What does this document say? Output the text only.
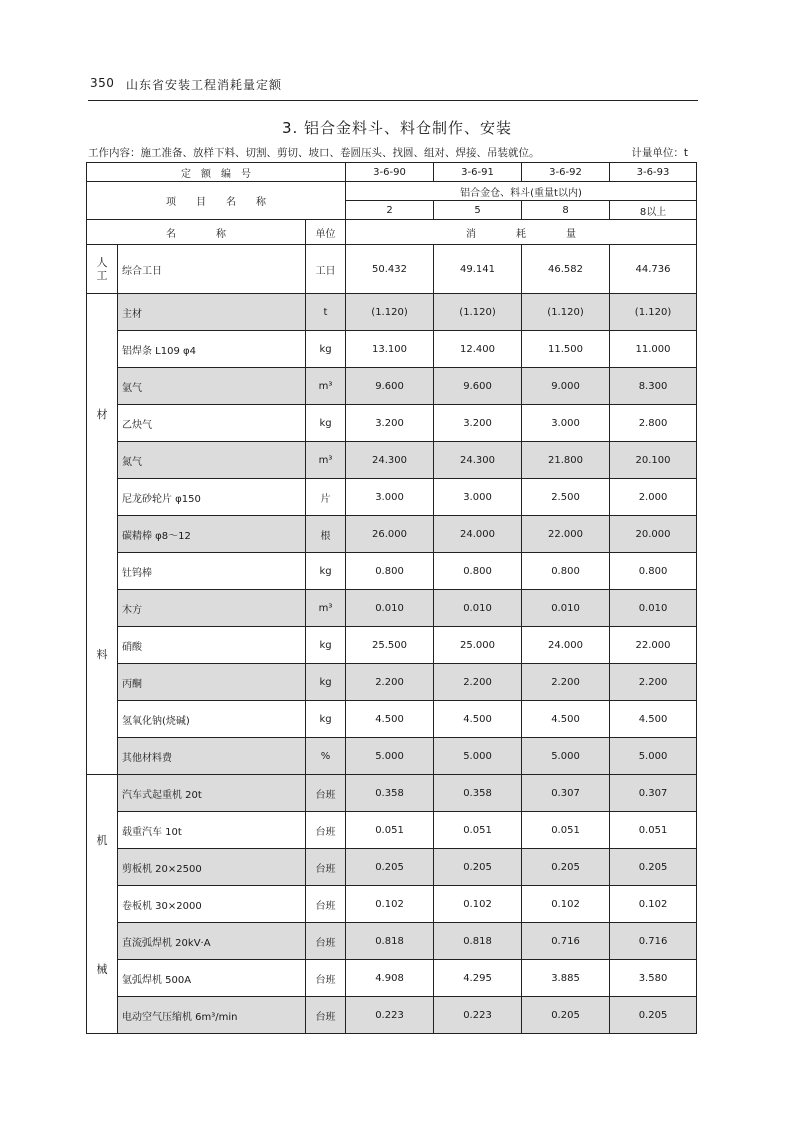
350 山东省安装工程消耗量定额
3. 铝合金料斗、料仓制作、安装
工作内容：施工准备、放样下料、切割、剪切、坡口、卷圆压头、找圆、组对、焊接、吊装就位。	计量单位：t
定　额　编　号			3-6-90	3-6-91	3-6-92	3-6-93
项　　目　　名　　称			铝合金仓、料斗(重量t以内)			
			2	5	8	8以上
名　　　　称		单位	消　　　　耗　　　　量			
人工	综合工日	工日	50.432	49.141	46.582	44.736

材
料	主材	t	(1.120)	(1.120)	(1.120)	(1.120)
	铝焊条 L109 φ4	kg	13.100	12.400	11.500	11.000
	氩气	m³	9.600	9.600	9.000	8.300
	乙炔气	kg	3.200	3.200	3.000	2.800
	氮气	m³	24.300	24.300	21.800	20.100
	尼龙砂轮片 φ150	片	3.000	3.000	2.500	2.000
	碳精棒 φ8～12	根	26.000	24.000	22.000	20.000
	钍钨棒	kg	0.800	0.800	0.800	0.800
	木方	m³	0.010	0.010	0.010	0.010
	硝酸	kg	25.500	25.000	24.000	22.000
	丙酮	kg	2.200	2.200	2.200	2.200
	氢氧化钠(烧碱)	kg	4.500	4.500	4.500	4.500
	其他材料费	%	5.000	5.000	5.000	5.000

机
械	汽车式起重机 20t	台班	0.358	0.358	0.307	0.307
	载重汽车 10t	台班	0.051	0.051	0.051	0.051
	剪板机 20×2500	台班	0.205	0.205	0.205	0.205
	卷板机 30×2000	台班	0.102	0.102	0.102	0.102
	直流弧焊机 20kV·A	台班	0.818	0.818	0.716	0.716
	氩弧焊机 500A	台班	4.908	4.295	3.885	3.580
	电动空气压缩机 6m³/min	台班	0.223	0.223	0.205	0.205
